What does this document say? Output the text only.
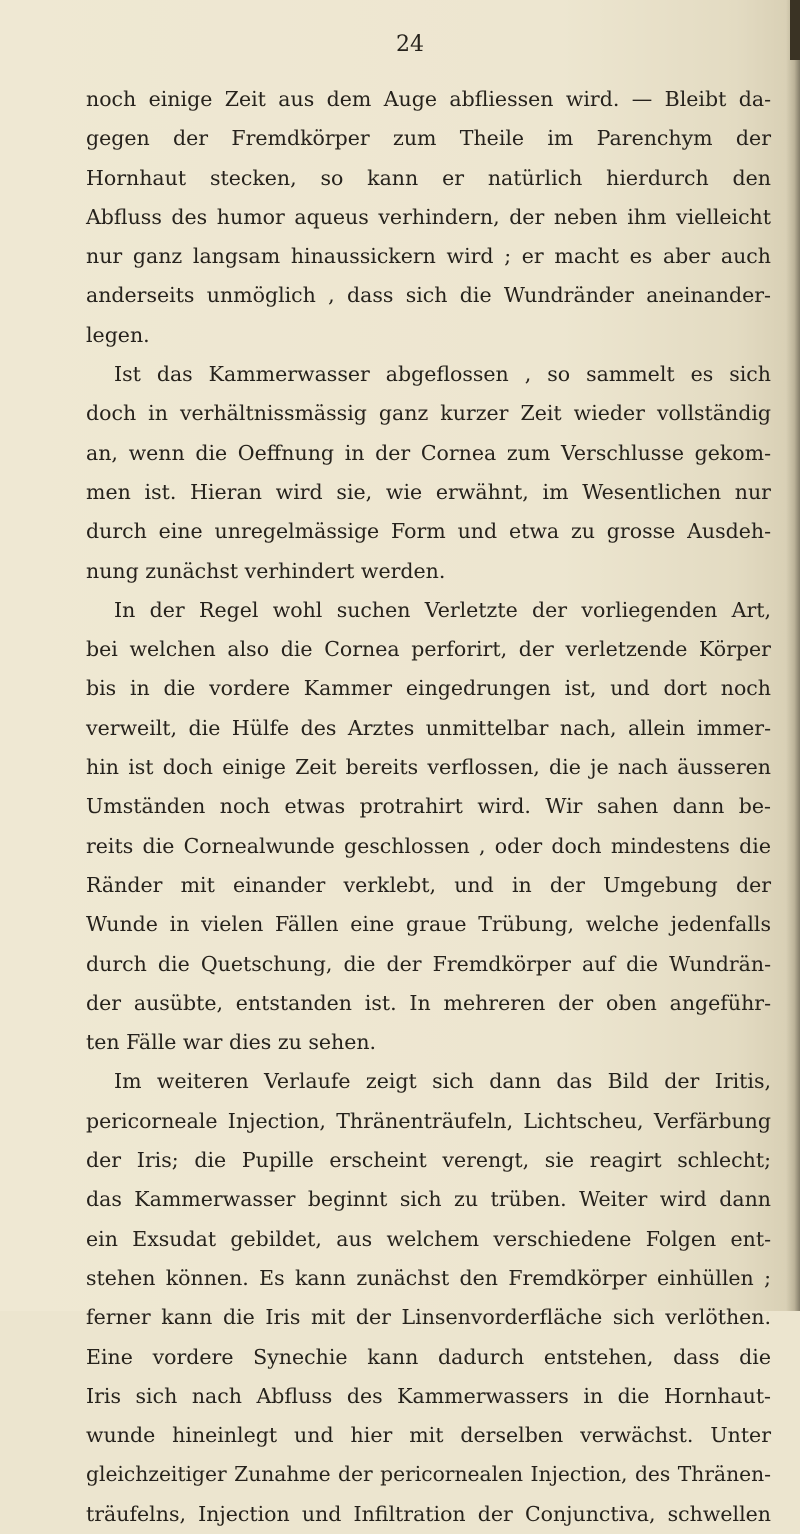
24
noch einige Zeit aus dem Auge abfliessen wird. — Bleibt da-
gegen der Fremdkörper zum Theile im Parenchym der
Hornhaut stecken, so kann er natürlich hierdurch den
Abfluss des humor aqueus verhindern, der neben ihm vielleicht
nur ganz langsam hinaussickern wird ; er macht es aber auch
anderseits unmöglich , dass sich die Wundränder aneinander-
legen.
Ist das Kammerwasser abgeflossen , so sammelt es sich
doch in verhältnissmässig ganz kurzer Zeit wieder vollständig
an, wenn die Oeffnung in der Cornea zum Verschlusse gekom-
men ist. Hieran wird sie, wie erwähnt, im Wesentlichen nur
durch eine unregelmässige Form und etwa zu grosse Ausdeh-
nung zunächst verhindert werden.
In der Regel wohl suchen Verletzte der vorliegenden Art,
bei welchen also die Cornea perforirt, der verletzende Körper
bis in die vordere Kammer eingedrungen ist, und dort noch
verweilt, die Hülfe des Arztes unmittelbar nach, allein immer-
hin ist doch einige Zeit bereits verflossen, die je nach äusseren
Umständen noch etwas protrahirt wird. Wir sahen dann be-
reits die Cornealwunde geschlossen , oder doch mindestens die
Ränder mit einander verklebt, und in der Umgebung der
Wunde in vielen Fällen eine graue Trübung, welche jedenfalls
durch die Quetschung, die der Fremdkörper auf die Wundrän-
der ausübte, entstanden ist. In mehreren der oben angeführ-
ten Fälle war dies zu sehen.
Im weiteren Verlaufe zeigt sich dann das Bild der Iritis,
pericorneale Injection, Thränenträufeln, Lichtscheu, Verfärbung
der Iris; die Pupille erscheint verengt, sie reagirt schlecht;
das Kammerwasser beginnt sich zu trüben. Weiter wird dann
ein Exsudat gebildet, aus welchem verschiedene Folgen ent-
stehen können. Es kann zunächst den Fremdkörper einhüllen ;
ferner kann die Iris mit der Linsenvorderfläche sich verlöthen.
Eine vordere Synechie kann dadurch entstehen, dass die
Iris sich nach Abfluss des Kammerwassers in die Hornhaut-
wunde hineinlegt und hier mit derselben verwächst. Unter
gleichzeitiger Zunahme der pericornealen Injection, des Thränen-
träufelns, Injection und Infiltration der Conjunctiva, schwellen
